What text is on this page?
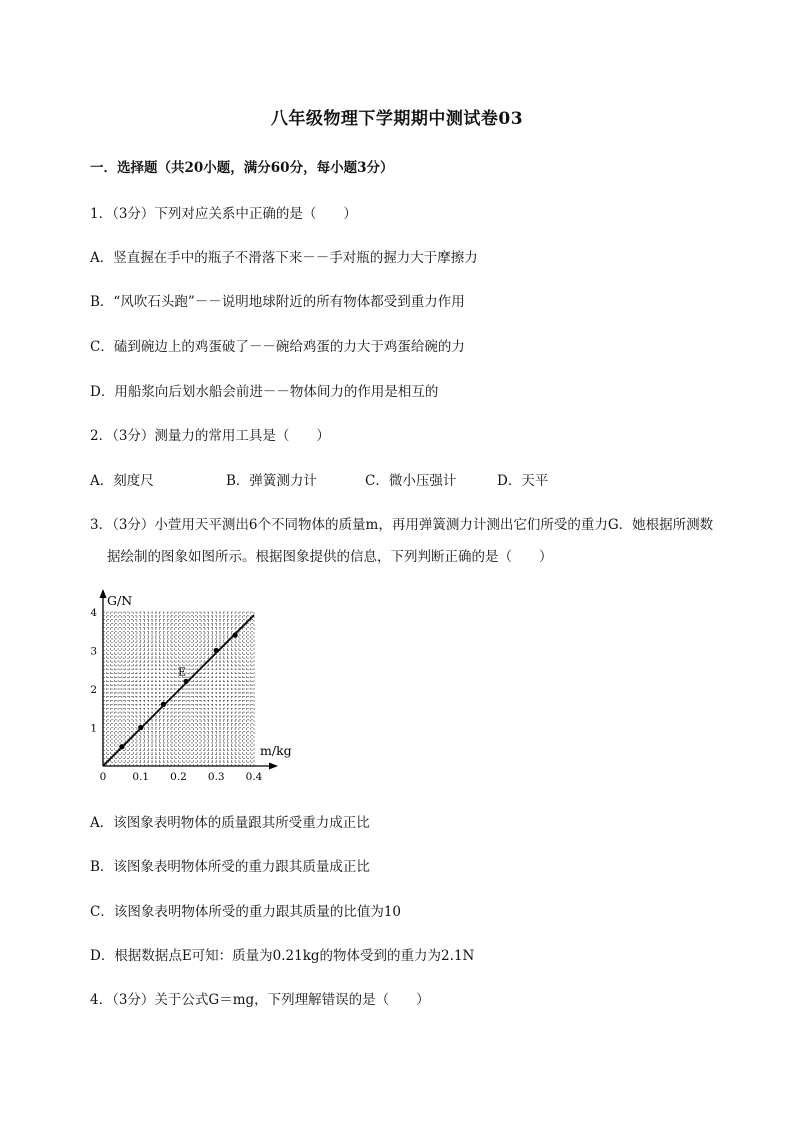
八年级物理下学期期中测试卷03
一．选择题（共20小题，满分60分，每小题3分）
1．（3分）下列对应关系中正确的是（　　）
A．竖直握在手中的瓶子不滑落下来－－手对瓶的握力大于摩擦力
B．“风吹石头跑”－－说明地球附近的所有物体都受到重力作用
C．磕到碗边上的鸡蛋破了－－碗给鸡蛋的力大于鸡蛋给碗的力
D．用船浆向后划水船会前进－－物体间力的作用是相互的
2．（3分）测量力的常用工具是（　　）
A．刻度尺	B．弹簧测力计	C．微小压强计	D．天平
3．（3分）小萱用天平测出6个不同物体的质量m，再用弹簧测力计测出它们所受的重力G．她根据所测数
据绘制的图象如图所示。根据图象提供的信息，下列判断正确的是（　　）
G/N
m/kg
0 0.1 0.2 0.3 0.4
1
2
3
4
E
A．该图象表明物体的质量跟其所受重力成正比
B．该图象表明物体所受的重力跟其质量成正比
C．该图象表明物体所受的重力跟其质量的比值为10
D．根据数据点E可知：质量为0.21kg的物体受到的重力为2.1N
4．（3分）关于公式G＝mg，下列理解错误的是（　　）
